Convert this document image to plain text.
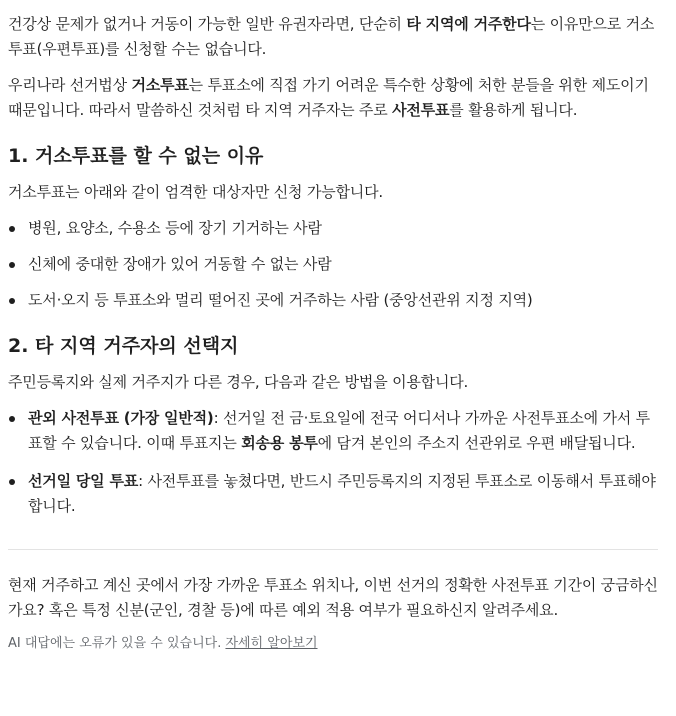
건강상 문제가 없거나 거동이 가능한 일반 유권자라면, 단순히 타 지역에 거주한다는 이유만으로 거소투표(우편투표)를 신청할 수는 없습니다.

우리나라 선거법상 거소투표는 투표소에 직접 가기 어려운 특수한 상황에 처한 분들을 위한 제도이기 때문입니다. 따라서 말씀하신 것처럼 타 지역 거주자는 주로 사전투표를 활용하게 됩니다.

1. 거소투표를 할 수 없는 이유

거소투표는 아래와 같이 엄격한 대상자만 신청 가능합니다.

병원, 요양소, 수용소 등에 장기 기거하는 사람
신체에 중대한 장애가 있어 거동할 수 없는 사람
도서·오지 등 투표소와 멀리 떨어진 곳에 거주하는 사람 (중앙선관위 지정 지역)
2. 타 지역 거주자의 선택지

주민등록지와 실제 거주지가 다른 경우, 다음과 같은 방법을 이용합니다.

관외 사전투표 (가장 일반적): 선거일 전 금·토요일에 전국 어디서나 가까운 사전투표소에 가서 투표할 수 있습니다. 이때 투표지는 회송용 봉투에 담겨 본인의 주소지 선관위로 우편 배달됩니다.
선거일 당일 투표: 사전투표를 놓쳤다면, 반드시 주민등록지의 지정된 투표소로 이동해서 투표해야 합니다.

현재 거주하고 계신 곳에서 가장 가까운 투표소 위치나, 이번 선거의 정확한 사전투표 기간이 궁금하신가요? 혹은 특정 신분(군인, 경찰 등)에 따른 예외 적용 여부가 필요하신지 알려주세요.

AI 대답에는 오류가 있을 수 있습니다. 자세히 알아보기
